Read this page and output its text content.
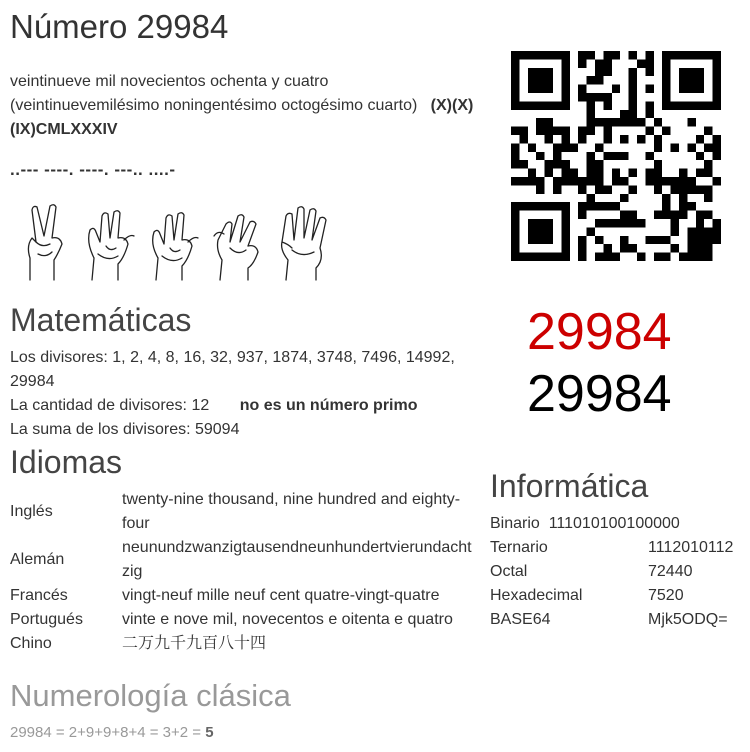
Número 29984
veintinueve mil novecientos ochenta y cuatro   (veintinuevemilésimo noningentésimo octogésimo cuarto) (X)(X)(IX)CMLXXXIV
..--- ----. ----. ---.. ....-
29984
29984
Matemáticas
Los divisores: 1, 2, 4, 8, 16, 32, 937, 1874, 3748, 7496, 14992, 29984
La cantidad de divisores: 12 no es un número primo
La suma de los divisores: 59094
Idiomas
Inglés	twenty-nine thousand, nine hundred and eighty-four
Alemán	neunundzwanzigtausendneunhundertvierundachtzig
Francés	vingt-neuf mille neuf cent quatre-vingt-quatre
Portugués	vinte e nove mil, novecentos e oitenta e quatro
Chino	二万九千九百八十四
Informática
Binario 111010100100000	
Ternario	1112010112
Octal	72440
Hexadecimal	7520
BASE64	Mjk5ODQ=
Numerología clásica
29984 = 2+9+9+8+4 = 3+2 = 5
